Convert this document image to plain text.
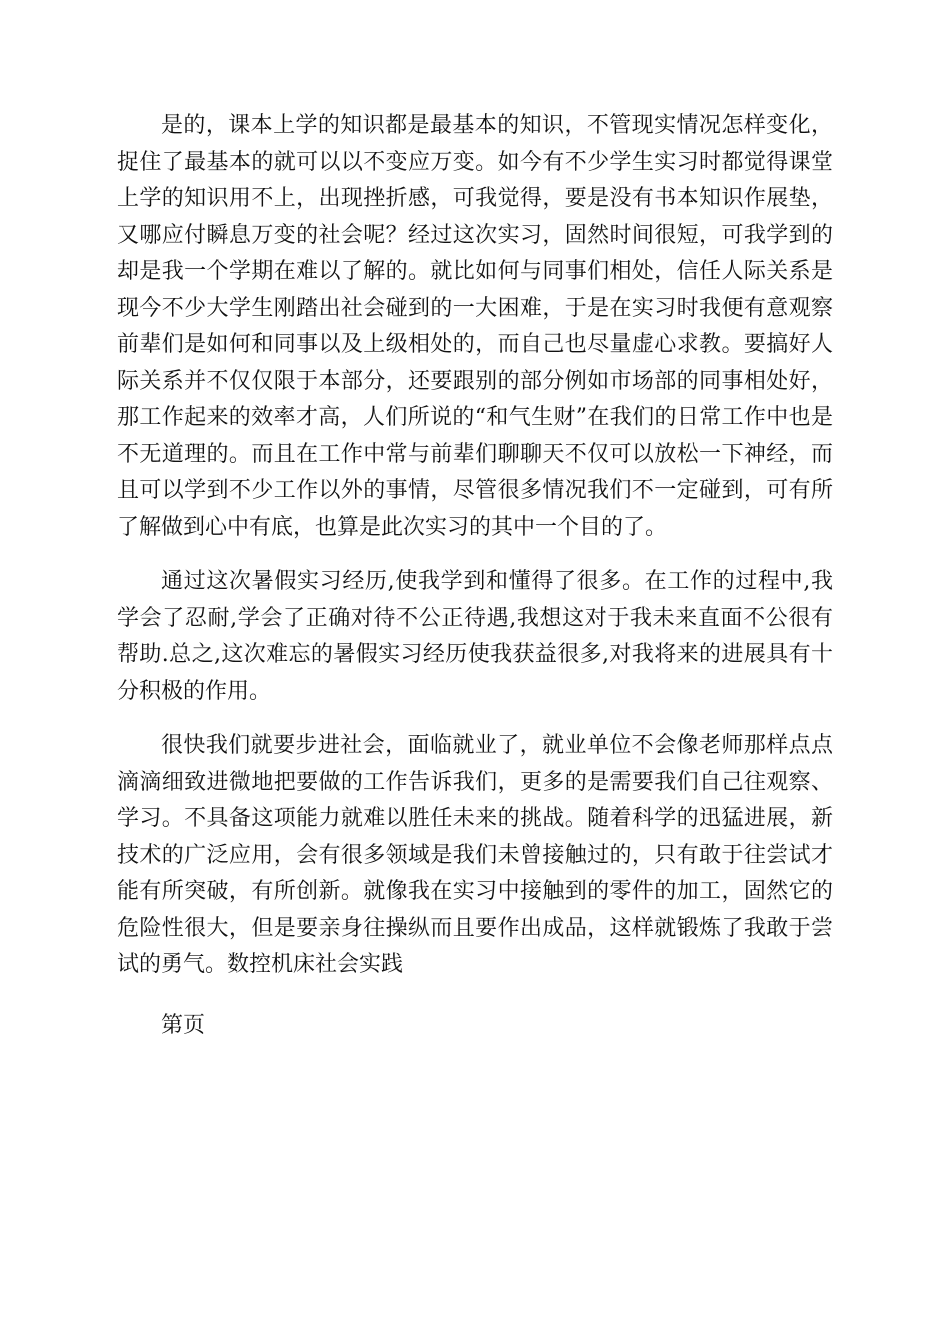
是的，课本上学的知识都是最基本的知识，不管现实情况怎样变化，捉住了最基本的就可以以不变应万变。如今有不少学生实习时都觉得课堂上学的知识用不上，出现挫折感，可我觉得，要是没有书本知识作展垫，又哪应付瞬息万变的社会呢？经过这次实习，固然时间很短，可我学到的却是我一个学期在难以了解的。就比如何与同事们相处，信任人际关系是现今不少大学生刚踏出社会碰到的一大困难，于是在实习时我便有意观察前辈们是如何和同事以及上级相处的，而自己也尽量虚心求教。要搞好人际关系并不仅仅限于本部分，还要跟别的部分例如市场部的同事相处好，那工作起来的效率才高，人们所说的“和气生财”在我们的日常工作中也是不无道理的。而且在工作中常与前辈们聊聊天不仅可以放松一下神经，而且可以学到不少工作以外的事情，尽管很多情况我们不一定碰到，可有所了解做到心中有底，也算是此次实习的其中一个目的了。

通过这次暑假实习经历,使我学到和懂得了很多。在工作的过程中,我学会了忍耐,学会了正确对待不公正待遇,我想这对于我未来直面不公很有帮助.总之,这次难忘的暑假实习经历使我获益很多,对我将来的进展具有十分积极的作用。

很快我们就要步进社会，面临就业了，就业单位不会像老师那样点点滴滴细致进微地把要做的工作告诉我们，更多的是需要我们自己往观察、学习。不具备这项能力就难以胜任未来的挑战。随着科学的迅猛进展，新技术的广泛应用，会有很多领域是我们未曾接触过的，只有敢于往尝试才能有所突破，有所创新。就像我在实习中接触到的零件的加工，固然它的危险性很大，但是要亲身往操纵而且要作出成品，这样就锻炼了我敢于尝试的勇气。数控机床社会实践

第页
